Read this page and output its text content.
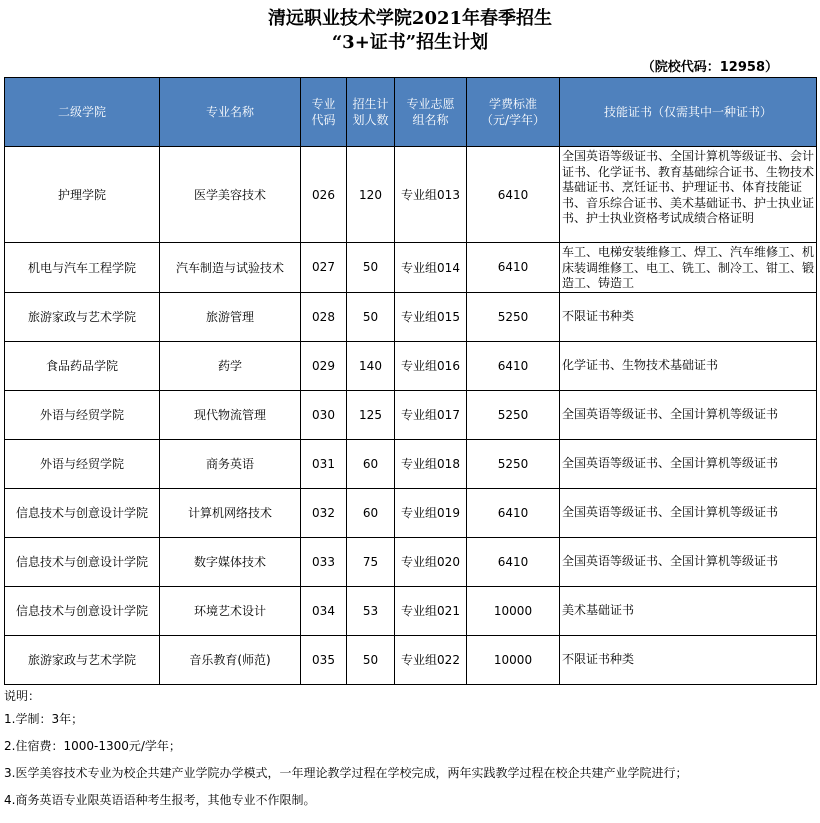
清远职业技术学院2021年春季招生
“3+证书”招生计划
（院校代码：12958）
二级学院	专业名称	专业代码	招生计划人数	专业志愿组名称	学费标准（元/学年）	技能证书（仅需其中一种证书）
护理学院	医学美容技术	026	120	专业组013	6410	全国英语等级证书、全国计算机等级证书、会计证书、化学证书、教育基础综合证书、生物技术基础证书、烹饪证书、护理证书、体育技能证书、音乐综合证书、美术基础证书、护士执业证书、护士执业资格考试成绩合格证明
机电与汽车工程学院	汽车制造与试验技术	027	50	专业组014	6410	车工、电梯安装维修工、焊工、汽车维修工、机床装调维修工、电工、铣工、制冷工、钳工、锻造工、铸造工
旅游家政与艺术学院	旅游管理	028	50	专业组015	5250	不限证书种类
食品药品学院	药学	029	140	专业组016	6410	化学证书、生物技术基础证书
外语与经贸学院	现代物流管理	030	125	专业组017	5250	全国英语等级证书、全国计算机等级证书
外语与经贸学院	商务英语	031	60	专业组018	5250	全国英语等级证书、全国计算机等级证书
信息技术与创意设计学院	计算机网络技术	032	60	专业组019	6410	全国英语等级证书、全国计算机等级证书
信息技术与创意设计学院	数字媒体技术	033	75	专业组020	6410	全国英语等级证书、全国计算机等级证书
信息技术与创意设计学院	环境艺术设计	034	53	专业组021	10000	美术基础证书
旅游家政与艺术学院	音乐教育(师范)	035	50	专业组022	10000	不限证书种类
说明：
1.学制：3年；
2.住宿费：1000-1300元/学年；
3.医学美容技术专业为校企共建产业学院办学模式，一年理论教学过程在学校完成，两年实践教学过程在校企共建产业学院进行；
4.商务英语专业限英语语种考生报考，其他专业不作限制。
